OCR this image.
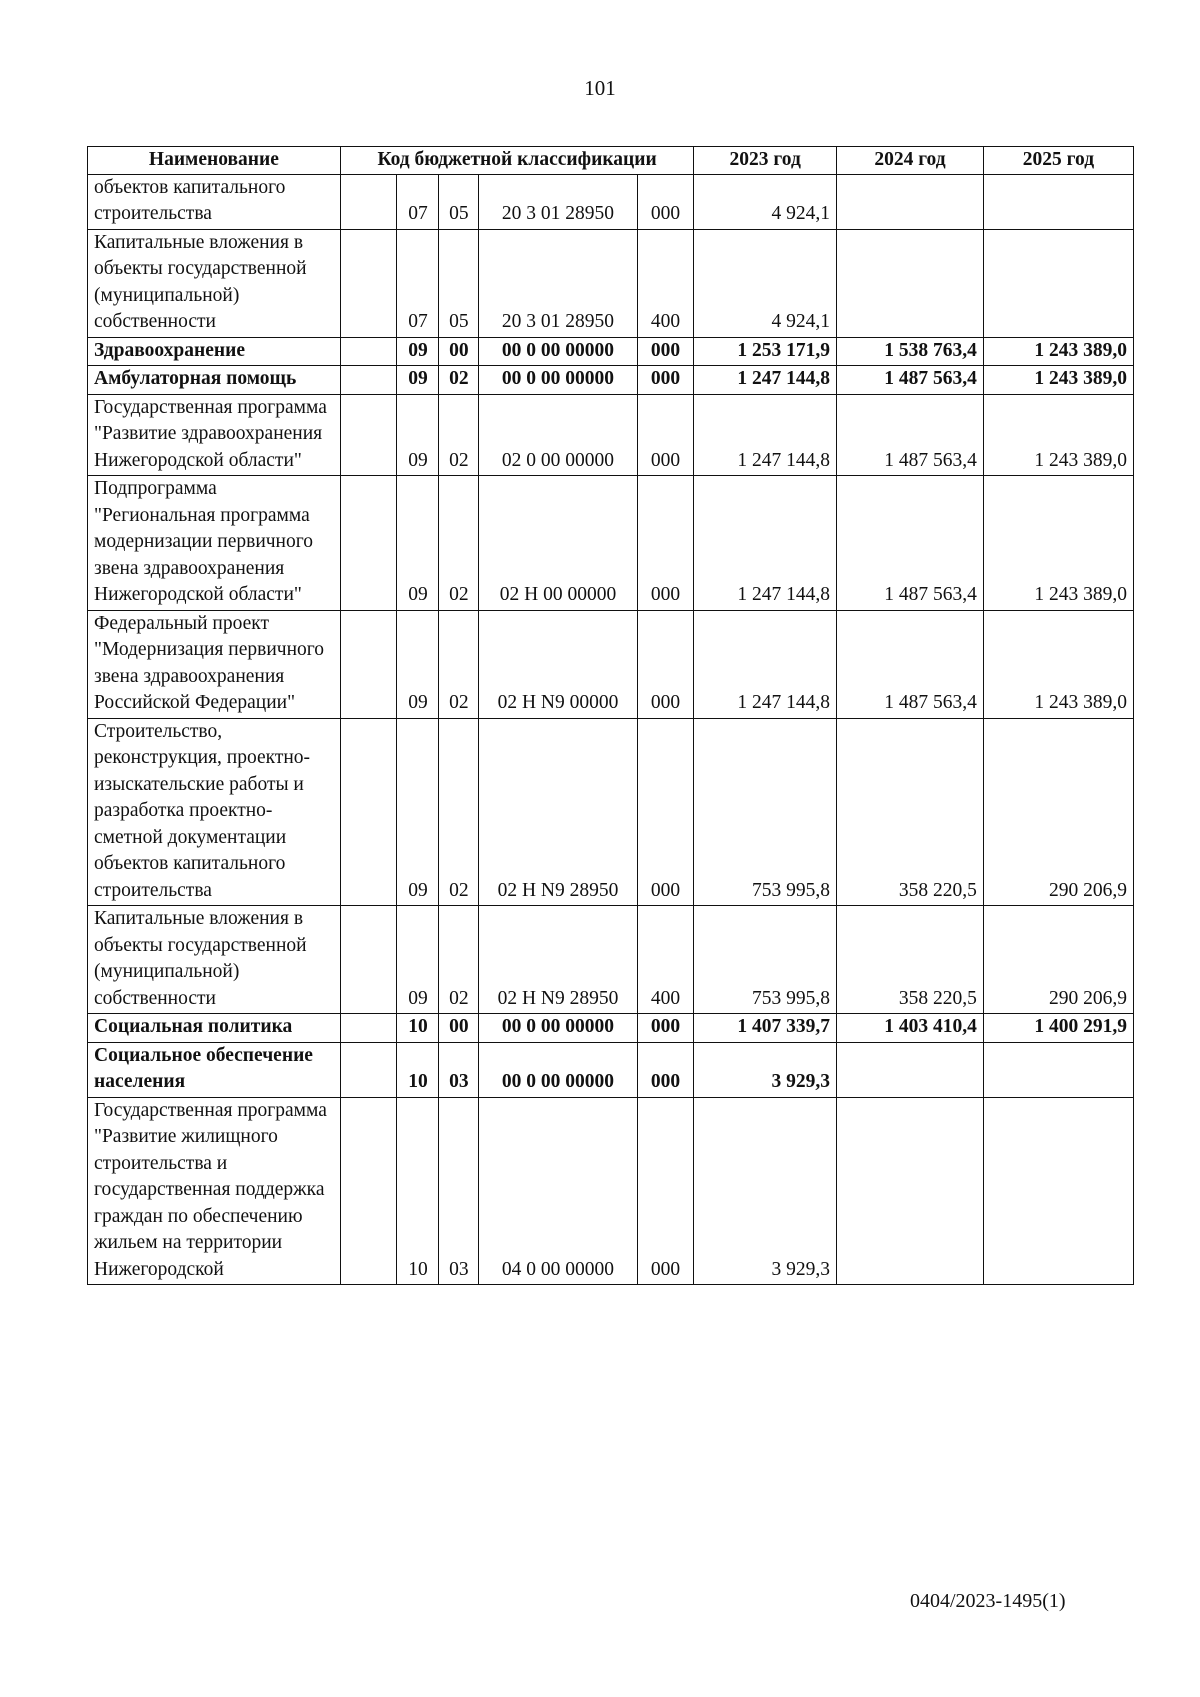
101
Наименование	Код бюджетной классификации					2023 год	2024 год	2025 год
объектов капитального строительства		07	05	20 3 01 28950	000	4 924,1		
Капитальные вложения в объекты государственной (муниципальной) собственности		07	05	20 3 01 28950	400	4 924,1		
Здравоохранение		09	00	00 0 00 00000	000	1 253 171,9	1 538 763,4	1 243 389,0
Амбулаторная помощь		09	02	00 0 00 00000	000	1 247 144,8	1 487 563,4	1 243 389,0
Государственная программа "Развитие здравоохранения Нижегородской области"		09	02	02 0 00 00000	000	1 247 144,8	1 487 563,4	1 243 389,0
Подпрограмма "Региональная программа модернизации первичного звена здравоохранения Нижегородской области"		09	02	02 Н 00 00000	000	1 247 144,8	1 487 563,4	1 243 389,0
Федеральный проект "Модернизация первичного звена здравоохранения Российской Федерации"		09	02	02 Н N9 00000	000	1 247 144,8	1 487 563,4	1 243 389,0
Строительство, реконструкция, проектно-изыскательские работы и разработка проектно-сметной документации объектов капитального строительства		09	02	02 Н N9 28950	000	753 995,8	358 220,5	290 206,9
Капитальные вложения в объекты государственной (муниципальной) собственности		09	02	02 Н N9 28950	400	753 995,8	358 220,5	290 206,9
Социальная политика		10	00	00 0 00 00000	000	1 407 339,7	1 403 410,4	1 400 291,9
Социальное обеспечение населения		10	03	00 0 00 00000	000	3 929,3		
Государственная программа "Развитие жилищного строительства и государственная поддержка граждан по обеспечению жильем на территории Нижегородской		10	03	04 0 00 00000	000	3 929,3		
0404/2023-1495(1)
